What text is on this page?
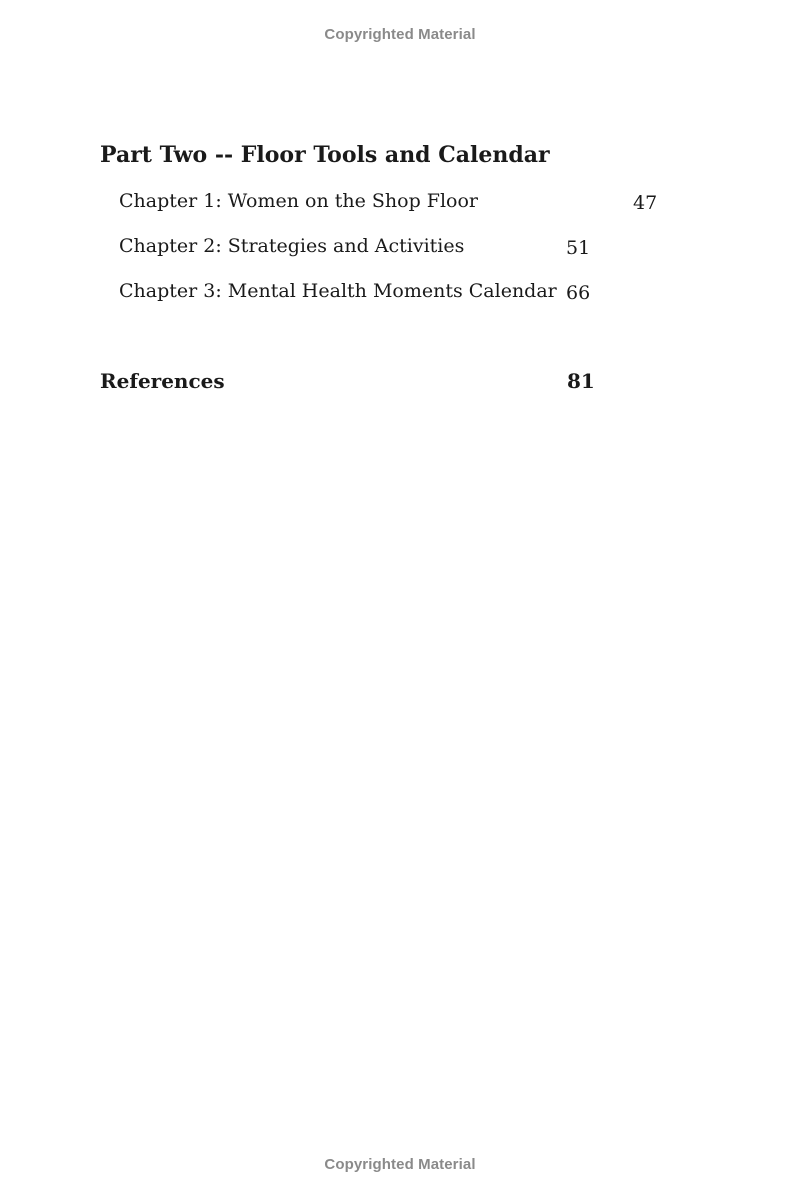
Copyrighted Material
Part Two -- Floor Tools and Calendar
Chapter 1: Women on the Shop Floor	47
Chapter 2: Strategies and Activities	51
Chapter 3: Mental Health Moments Calendar 66
References	81
Copyrighted Material
